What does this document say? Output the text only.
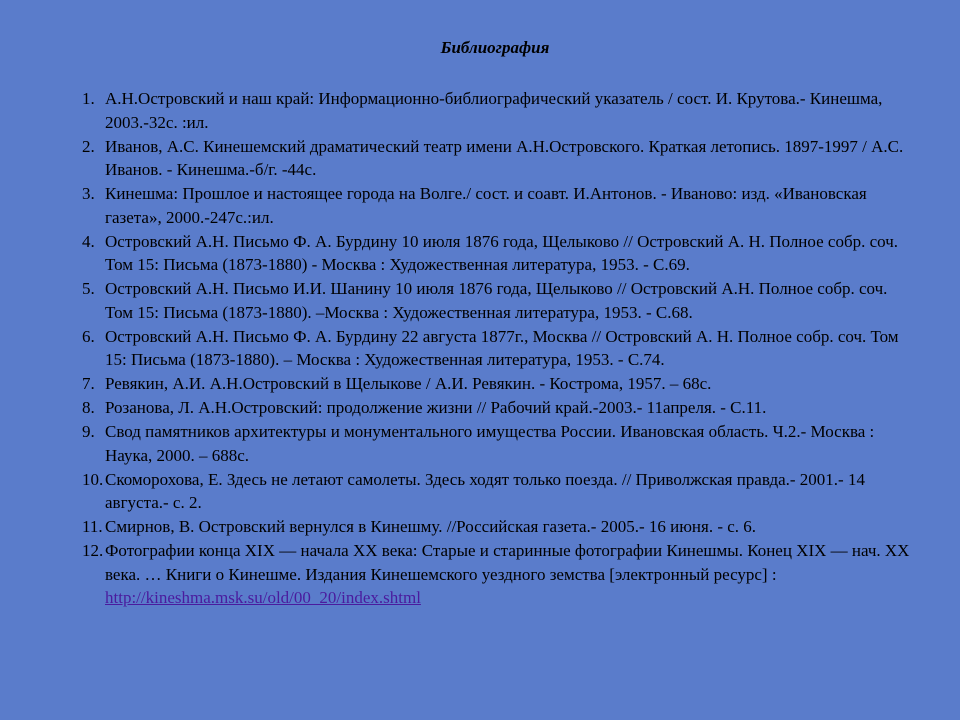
Библиография
1. А.Н.Островский и наш край: Информационно-библиографический указатель / сост. И. Крутова.- Кинешма, 2003.-32с. :ил.
2. Иванов, А.С. Кинешемский драматический театр имени А.Н.Островского. Краткая летопись. 1897-1997 / А.С. Иванов. - Кинешма.-б/г. -44с.
3. Кинешма: Прошлое и настоящее города на Волге./ сост. и соавт. И.Антонов. - Иваново: изд. «Ивановская газета», 2000.-247с.:ил.
4. Островский А.Н. Письмо Ф. А. Бурдину 10 июля 1876 года, Щелыково // Островский А. Н. Полное собр. соч. Том 15: Письма (1873-1880) - Москва : Художественная литература, 1953. - С.69.
5. Островский А.Н. Письмо И.И. Шанину 10 июля 1876 года, Щелыково // Островский А.Н. Полное собр. соч. Том 15: Письма (1873-1880). –Москва : Художественная литература, 1953. - С.68.
6. Островский А.Н. Письмо Ф. А. Бурдину 22 августа 1877г., Москва // Островский А. Н. Полное собр. соч. Том 15: Письма (1873-1880). – Москва : Художественная литература, 1953. - С.74.
7. Ревякин, А.И. А.Н.Островский в Щелыкове / А.И. Ревякин. - Кострома, 1957. – 68с.
8. Розанова, Л. А.Н.Островский: продолжение жизни // Рабочий край.-2003.- 11апреля. - С.11.
9. Свод памятников архитектуры и монументального имущества России. Ивановская область. Ч.2.- Москва : Наука, 2000. – 688с.
10. Скоморохова, Е. Здесь не летают самолеты. Здесь ходят только поезда. // Приволжская правда.- 2001.- 14 августа.- с. 2.
11. Смирнов, В. Островский вернулся в Кинешму. //Российская газета.- 2005.- 16 июня. - с. 6.
12. Фотографии конца XIX — начала XX века: Старые и старинные фотографии Кинешмы. Конец XIX — нач. XX века. … Книги о Кинешме. Издания Кинешемского уездного земства [электронный ресурс] : http://kineshma.msk.su/old/00_20/index.shtml
